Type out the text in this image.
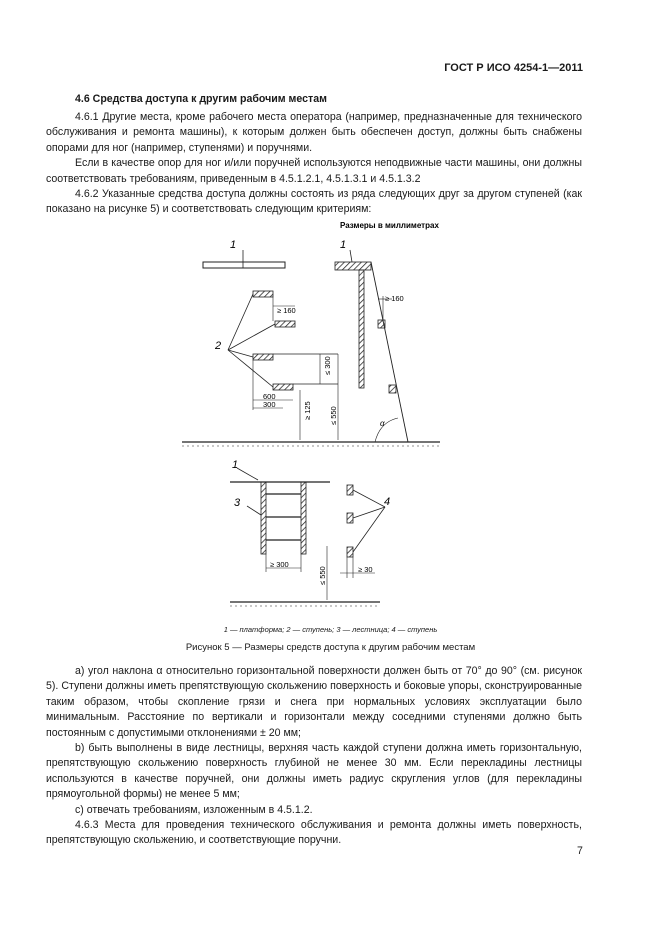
ГОСТ Р ИСО 4254-1—2011
4.6 Средства доступа к другим рабочим местам

4.6.1 Другие места, кроме рабочего места оператора (например, предназначенные для технического обслуживания и ремонта машины), к которым должен быть обеспечен доступ, должны быть снабжены опорами для ног (например, ступенями) и поручнями.

Если в качестве опор для ног и/или поручней используются неподвижные части машины, они должны соответствовать требованиям, приведенным в 4.5.1.2.1, 4.5.1.3.1 и 4.5.1.3.2

4.6.2 Указанные средства доступа должны состоять из ряда следующих друг за другом ступеней (как показано на рисунке 5) и соответствовать следующим критериям:

Размеры в миллиметрах
1
2
≥ 160
≤ 300
≥ 125 ≤ 550
600
300
1
≥ 160
α
1
3
≥ 300
≤ 550
4
≥ 30
1 — платформа; 2 — ступень; 3 — лестница; 4 — ступень
Рисунок 5 — Размеры средств доступа к другим рабочим местам

а) угол наклона α относительно горизонтальной поверхности должен быть от 70° до 90° (см. рисунок 5). Ступени должны иметь препятствующую скольжению поверхность и боковые упоры, сконструированные таким образом, чтобы скопление грязи и снега при нормальных условиях эксплуатации было минимальным. Расстояние по вертикали и горизонтали между соседними ступенями должно быть постоянным с допустимыми отклонениями ± 20 мм;

b) быть выполнены в виде лестницы, верхняя часть каждой ступени должна иметь горизонтальную, препятствующую скольжению поверхность глубиной не менее 30 мм. Если перекладины лестницы используются в качестве поручней, они должны иметь радиус скругления углов (для перекладины прямоугольной формы) не менее 5 мм;

c) отвечать требованиям, изложенным в 4.5.1.2.

4.6.3 Места для проведения технического обслуживания и ремонта должны иметь поверхность, препятствующую скольжению, и соответствующие поручни.

7
